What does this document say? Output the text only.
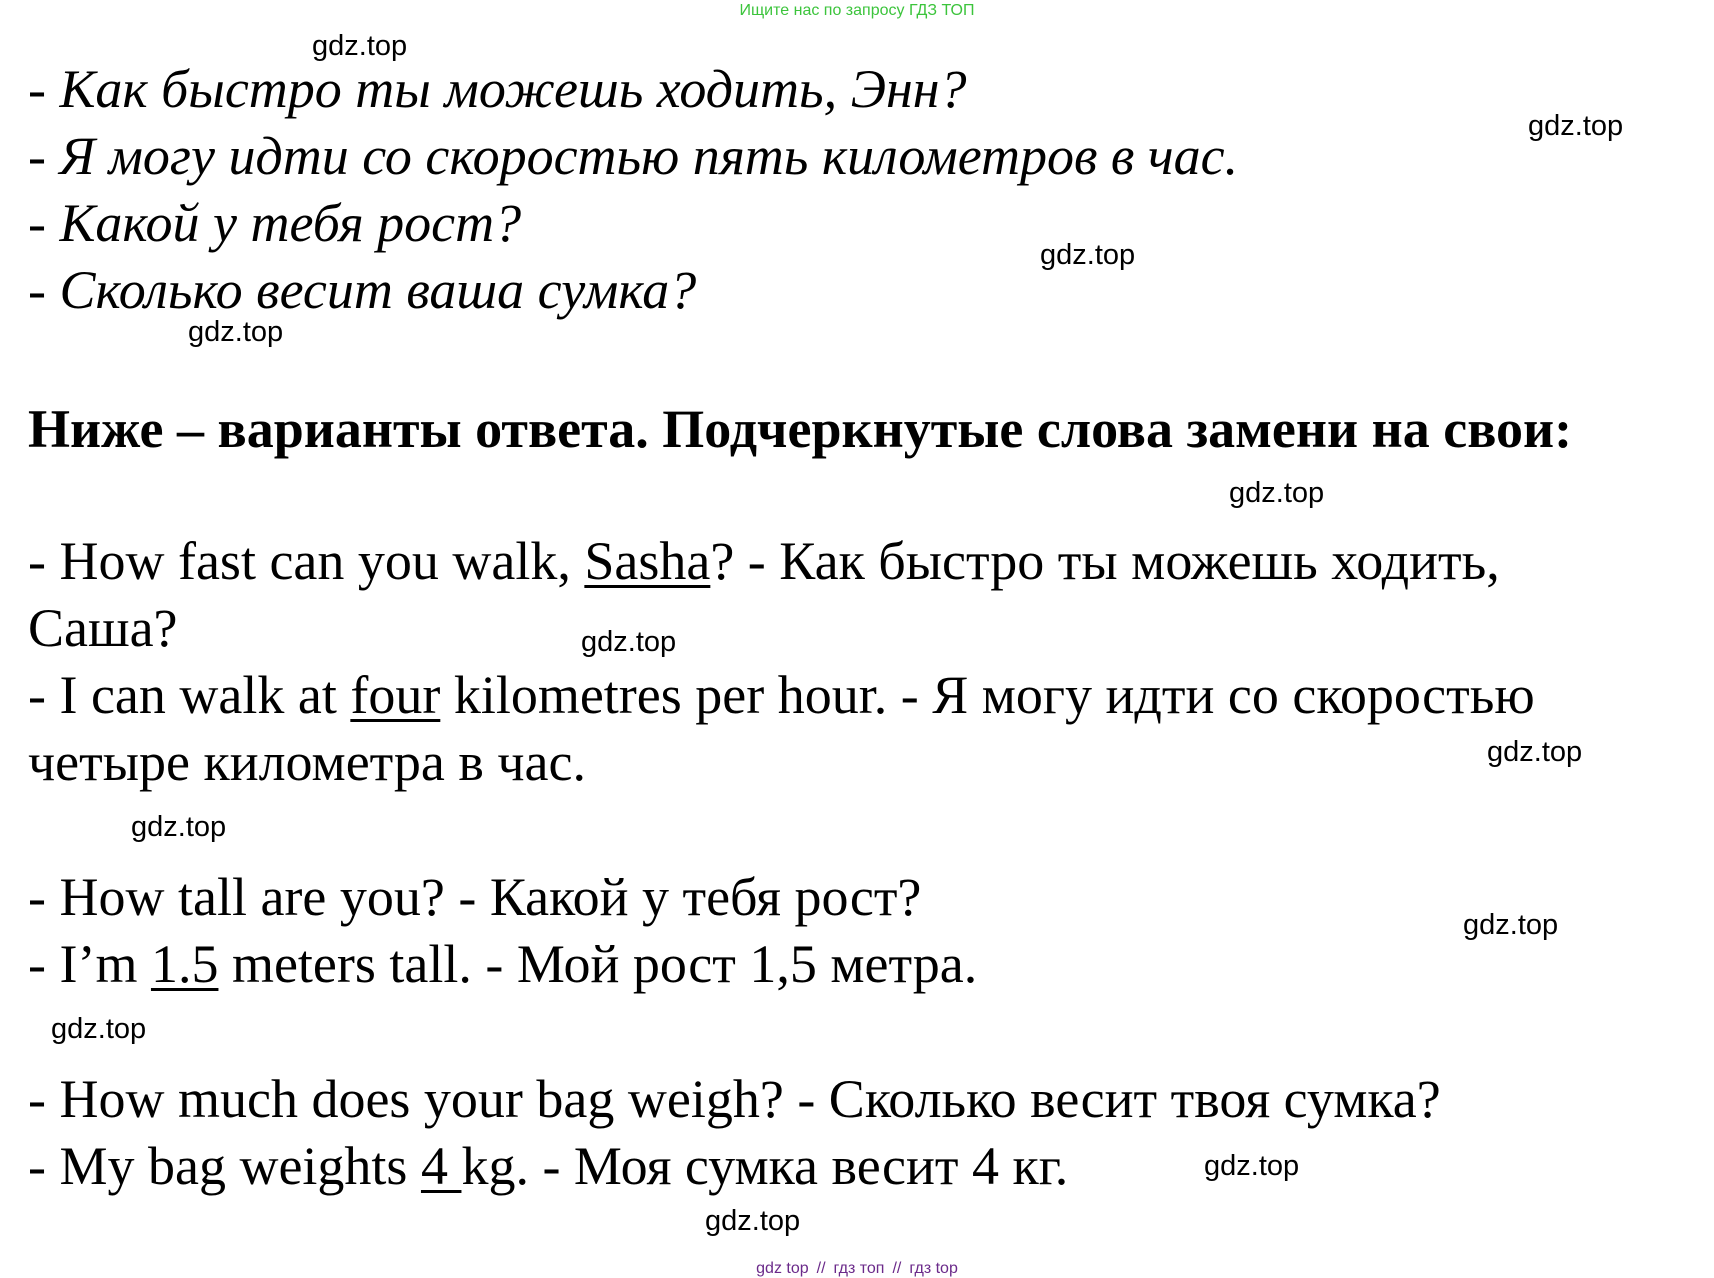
Ищите нас по запросу ГДЗ ТОП
- Как быстро ты можешь ходить, Энн?
- Я могу идти со скоростью пять километров в час.
- Какой у тебя рост?
- Сколько весит ваша сумка?
Ниже – варианты ответа. Подчеркнутые слова замени на свои:
- How fast can you walk, Sasha? - Как быстро ты можешь ходить,
Саша?
- I can walk at four kilometres per hour. - Я могу идти со скоростью
четыре километра в час.
- How tall are you? - Какой у тебя рост?
- I’m 1.5 meters tall. - Мой рост 1,5 метра.
- How much does your bag weigh? - Сколько весит твоя сумка?
- My bag weights 4 kg. - Моя сумка весит 4 кг.
gdz.top
gdz.top
gdz.top
gdz.top
gdz.top
gdz.top
gdz.top
gdz.top
gdz.top
gdz.top
gdz.top
gdz.top
gdz top // гдз топ // гдз top
